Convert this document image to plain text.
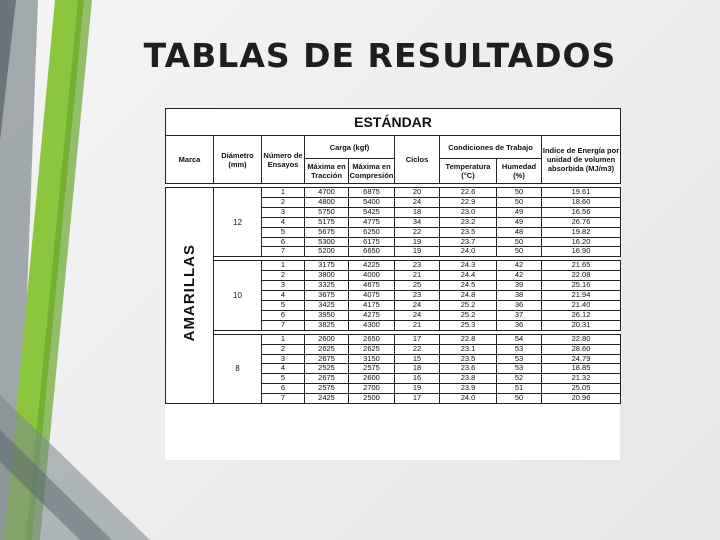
TABLAS DE RESULTADOS
ESTÁNDAR								
Marca	Diámetro (mm)	Número de Ensayos	Carga (kgf)		Ciclos	Condiciones de Trabajo		Indice de Energía por unidad de volumen absorbida (MJ/m3)
			Máxima en Tracción	Máxima en Compresión		Temperatura (°C)	Humedad (%)	

AMARILLAS	12	1	4700	6875	20	22.6	50	19.61
		2	4800	5400	24	22.9	50	18.60
		3	5750	5425	18	23.0	49	16.56
		4	5175	4775	34	23.2	49	26.76
		5	5675	6250	22	23.5	48	19.82
		6	5300	6175	19	23.7	50	16.20
		7	5200	6650	19	24.0	50	16.90

	10	1	3175	4225	23	24.3	42	21.65
		2	3800	4000	21	24.4	42	22.08
		3	3325	4675	25	24.5	39	25.16
		4	3675	4075	23	24.8	38	21.94
		5	3425	4175	24	25.2	36	21.40
		6	3950	4275	24	25.2	37	26.12
		7	3825	4300	21	25.3	36	20.31

	8	1	2600	2650	17	22.8	54	22.80
		2	2625	2625	22	23.1	53	28.60
		3	2675	3150	15	23.5	53	24.79
		4	2525	2575	18	23.6	53	18.85
		5	2675	2600	16	23.8	52	21.32
		6	2575	2700	19	23.9	51	25.05
		7	2425	2500	17	24.0	50	20.96
